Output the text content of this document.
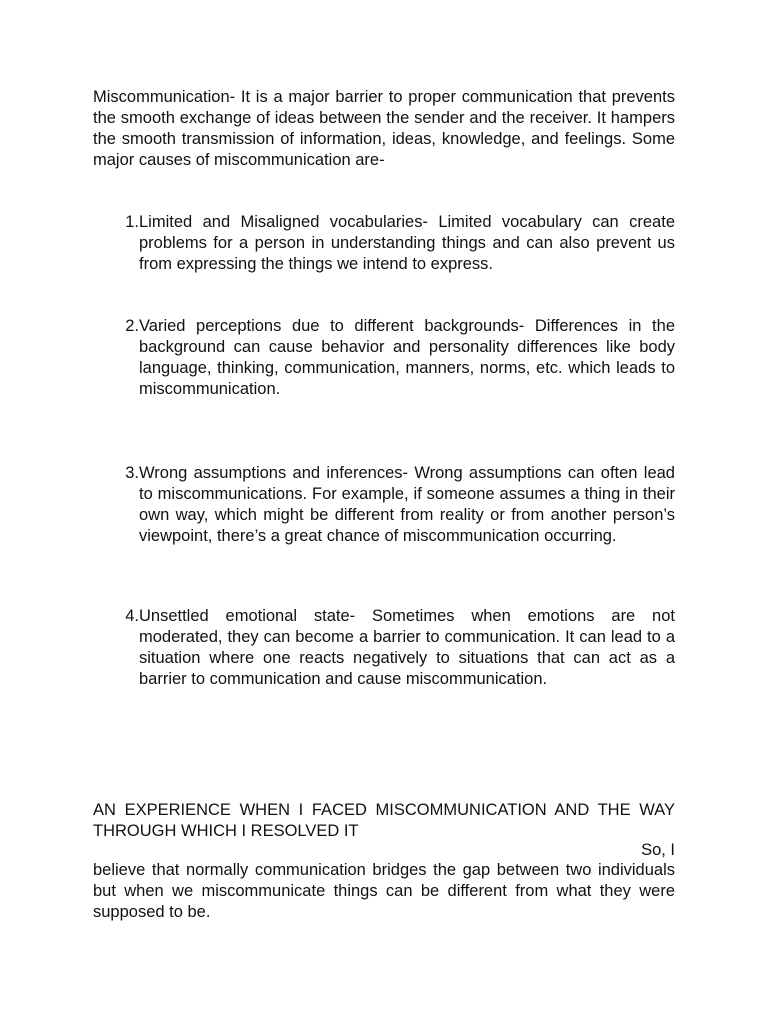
Miscommunication- It is a major barrier to proper communication that prevents the smooth exchange of ideas between the sender and the receiver. It hampers the smooth transmission of information, ideas, knowledge, and feelings. Some major causes of miscommunication are-

1. Limited and Misaligned vocabularies- Limited vocabulary can create problems for a person in understanding things and can also prevent us from expressing the things we intend to express.
2. Varied perceptions due to different backgrounds- Differences in the background can cause behavior and personality differences like body language, thinking, communication, manners, norms, etc. which leads to miscommunication.
3. Wrong assumptions and inferences- Wrong assumptions can often lead to miscommunications. For example, if someone assumes a thing in their own way, which might be different from reality or from another person’s viewpoint, there’s a great chance of miscommunication occurring.
4. Unsettled emotional state- Sometimes when emotions are not moderated, they can become a barrier to communication. It can lead to a situation where one reacts negatively to situations that can act as a barrier to communication and cause miscommunication.

AN EXPERIENCE WHEN I FACED MISCOMMUNICATION AND THE WAY THROUGH WHICH I RESOLVED IT

So, I

believe that normally communication bridges the gap between two individuals but when we miscommunicate things can be different from what they were supposed to be.
